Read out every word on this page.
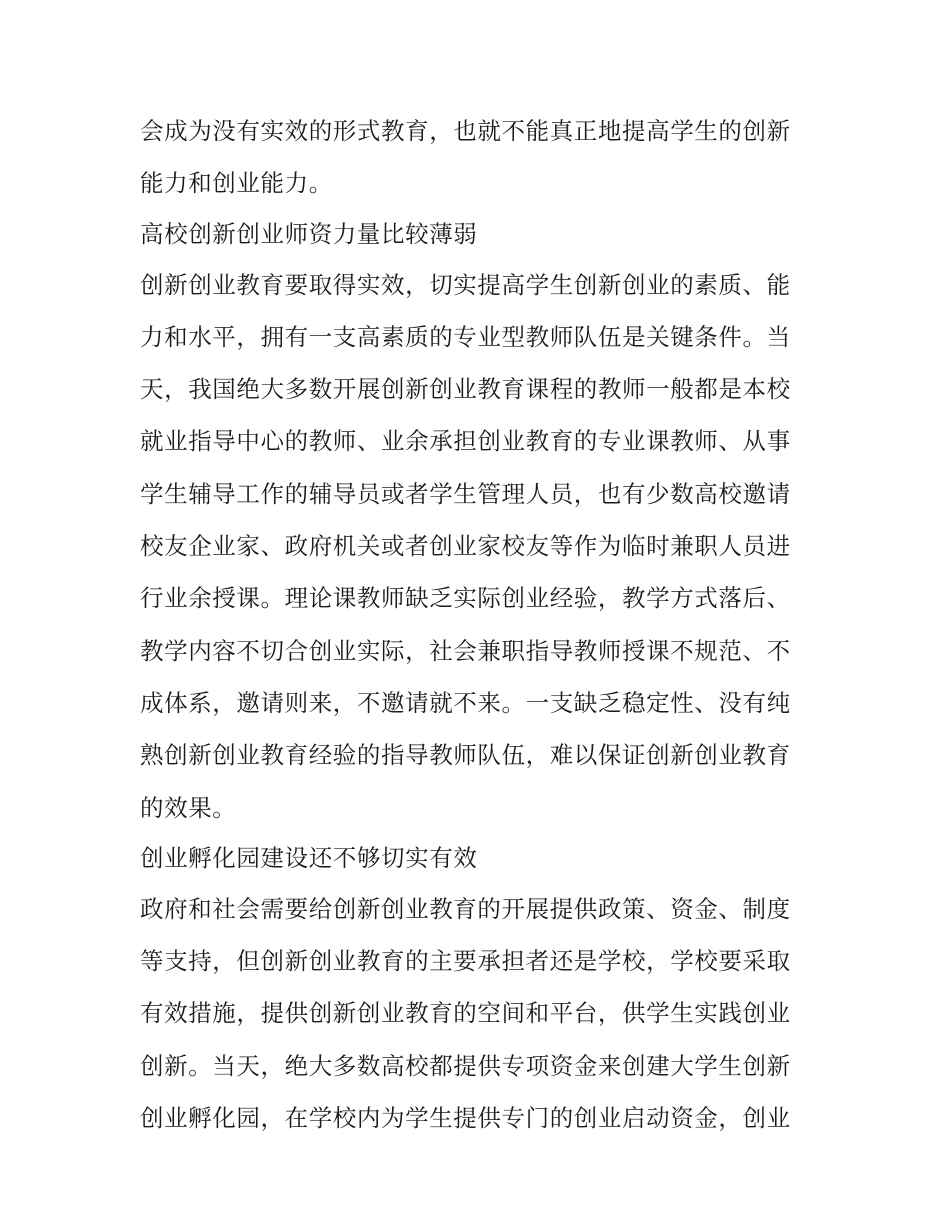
会成为没有实效的形式教育，也就不能真正地提高学生的创新
能力和创业能力。
高校创新创业师资力量比较薄弱
创新创业教育要取得实效，切实提高学生创新创业的素质、能
力和水平，拥有一支高素质的专业型教师队伍是关键条件。当
天，我国绝大多数开展创新创业教育课程的教师一般都是本校
就业指导中心的教师、业余承担创业教育的专业课教师、从事
学生辅导工作的辅导员或者学生管理人员，也有少数高校邀请
校友企业家、政府机关或者创业家校友等作为临时兼职人员进
行业余授课。理论课教师缺乏实际创业经验，教学方式落后、
教学内容不切合创业实际，社会兼职指导教师授课不规范、不
成体系，邀请则来，不邀请就不来。一支缺乏稳定性、没有纯
熟创新创业教育经验的指导教师队伍，难以保证创新创业教育
的效果。
创业孵化园建设还不够切实有效
政府和社会需要给创新创业教育的开展提供政策、资金、制度
等支持，但创新创业教育的主要承担者还是学校，学校要采取
有效措施，提供创新创业教育的空间和平台，供学生实践创业
创新。当天，绝大多数高校都提供专项资金来创建大学生创新
创业孵化园，在学校内为学生提供专门的创业启动资金，创业
